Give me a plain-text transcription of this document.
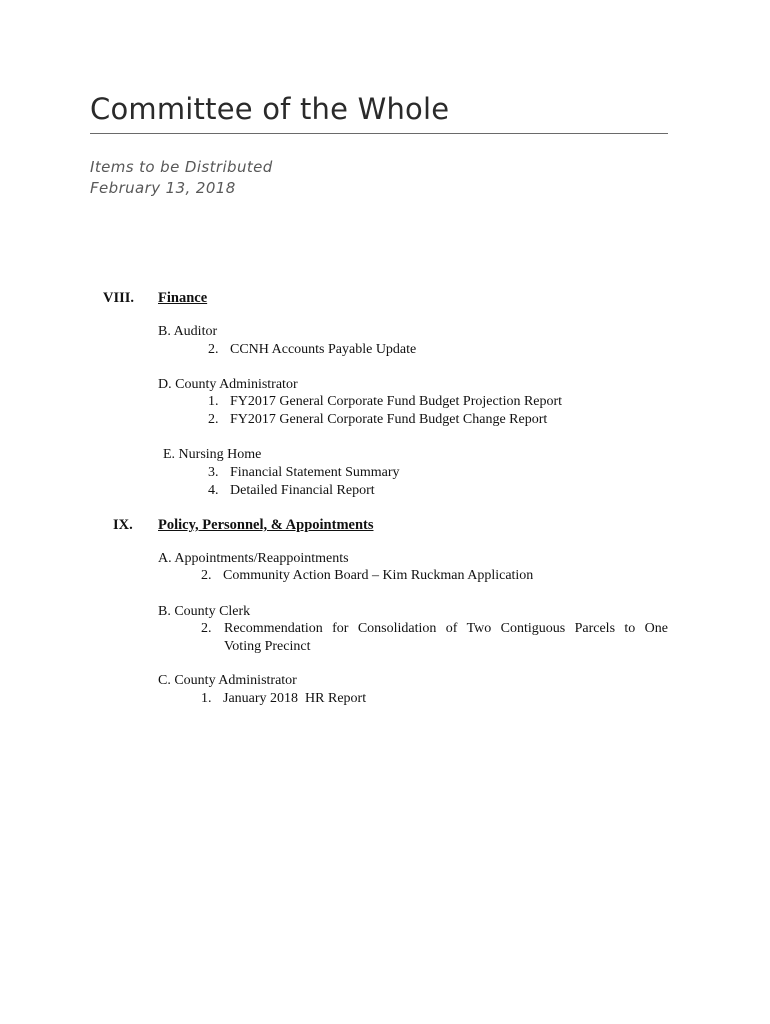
Committee of the Whole
Items to be Distributed
February 13, 2018
VIII. Finance
B. Auditor
2. CCNH Accounts Payable Update
D. County Administrator
1. FY2017 General Corporate Fund Budget Projection Report
2. FY2017 General Corporate Fund Budget Change Report
E. Nursing Home
3. Financial Statement Summary
4. Detailed Financial Report
IX. Policy, Personnel, & Appointments
A. Appointments/Reappointments
2. Community Action Board – Kim Ruckman Application
B. County Clerk
2. Recommendation for Consolidation of Two Contiguous Parcels to One
Voting Precinct
C. County Administrator
1. January 2018  HR Report
